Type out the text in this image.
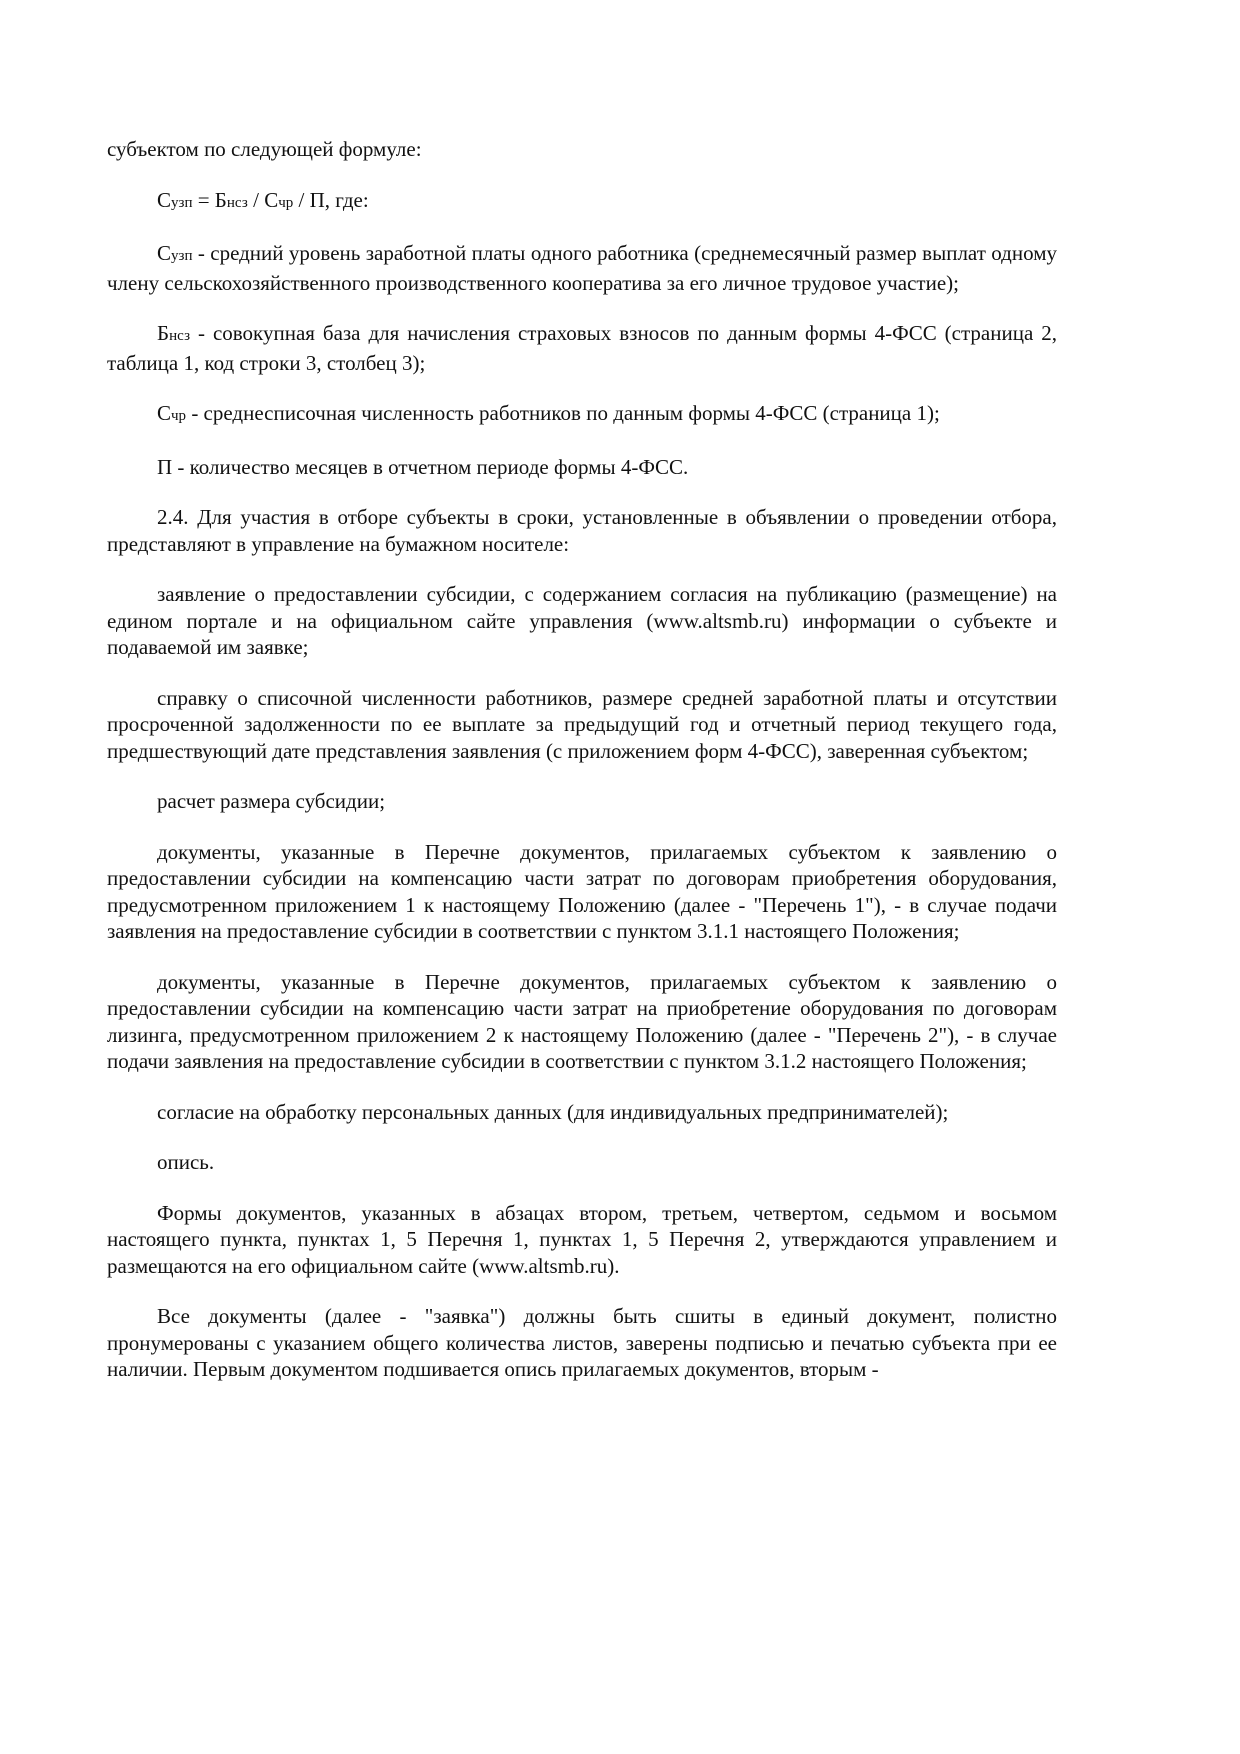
субъектом по следующей формуле:

Сузп = Бнсз / Счр / П, где:

Сузп - средний уровень заработной платы одного работника (среднемесячный размер выплат одному члену сельскохозяйственного производственного кооператива за его личное трудовое участие);

Бнсз - совокупная база для начисления страховых взносов по данным формы 4-ФСС (страница 2, таблица 1, код строки 3, столбец 3);

Счр - среднесписочная численность работников по данным формы 4-ФСС (страница 1);

П - количество месяцев в отчетном периоде формы 4-ФСС.

2.4. Для участия в отборе субъекты в сроки, установленные в объявлении о проведении отбора, представляют в управление на бумажном носителе:

заявление о предоставлении субсидии, с содержанием согласия на публикацию (размещение) на едином портале и на официальном сайте управления (www.altsmb.ru) информации о субъекте и подаваемой им заявке;

справку о списочной численности работников, размере средней заработной платы и отсутствии просроченной задолженности по ее выплате за предыдущий год и отчетный период текущего года, предшествующий дате представления заявления (с приложением форм 4-ФСС), заверенная субъектом;

расчет размера субсидии;

документы, указанные в Перечне документов, прилагаемых субъектом к заявлению о предоставлении субсидии на компенсацию части затрат по договорам приобретения оборудования, предусмотренном приложением 1 к настоящему Положению (далее - "Перечень 1"), - в случае подачи заявления на предоставление субсидии в соответствии с пунктом 3.1.1 настоящего Положения;

документы, указанные в Перечне документов, прилагаемых субъектом к заявлению о предоставлении субсидии на компенсацию части затрат на приобретение оборудования по договорам лизинга, предусмотренном приложением 2 к настоящему Положению (далее - "Перечень 2"), - в случае подачи заявления на предоставление субсидии в соответствии с пунктом 3.1.2 настоящего Положения;

согласие на обработку персональных данных (для индивидуальных предпринимателей);

опись.

Формы документов, указанных в абзацах втором, третьем, четвертом, седьмом и восьмом настоящего пункта, пунктах 1, 5 Перечня 1, пунктах 1, 5 Перечня 2, утверждаются управлением и размещаются на его официальном сайте (www.altsmb.ru).

Все документы (далее - "заявка") должны быть сшиты в единый документ, полистно пронумерованы с указанием общего количества листов, заверены подписью и печатью субъекта при ее наличии. Первым документом подшивается опись прилагаемых документов, вторым -
